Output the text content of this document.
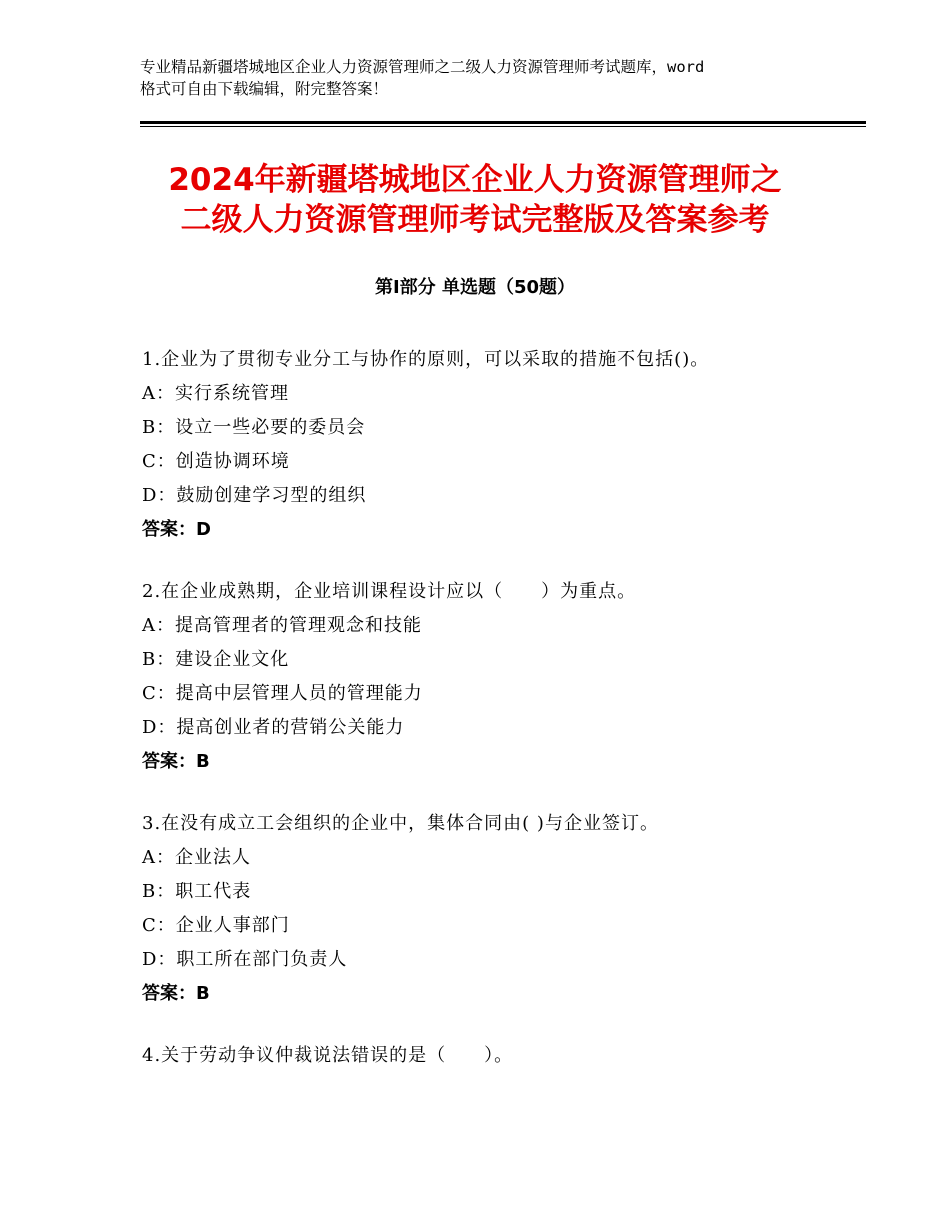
专业精品新疆塔城地区企业人力资源管理师之二级人力资源管理师考试题库，word
格式可自由下载编辑，附完整答案！
2024年新疆塔城地区企业人力资源管理师之
二级人力资源管理师考试完整版及答案参考
第Ⅰ部分 单选题（50题）
1.企业为了贯彻专业分工与协作的原则，可以采取的措施不包括()。
A：实行系统管理
B：设立一些必要的委员会
C：创造协调环境
D：鼓励创建学习型的组织
答案：D
2.在企业成熟期，企业培训课程设计应以（　　）为重点。
A：提高管理者的管理观念和技能
B：建设企业文化
C：提高中层管理人员的管理能力
D：提高创业者的营销公关能力
答案：B
3.在没有成立工会组织的企业中，集体合同由( )与企业签订。
A：企业法人
B：职工代表
C：企业人事部门
D：职工所在部门负责人
答案：B
4.关于劳动争议仲裁说法错误的是（　　）。
